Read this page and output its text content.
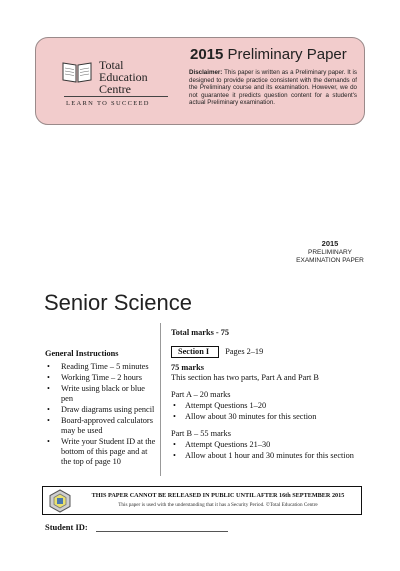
Total
Education
Centre
LEARN TO SUCCEED
2015 Preliminary Paper
Disclaimer: This paper is written as a Preliminary paper. It is designed to provide practice consistent with the demands of the Preliminary course and its examination. However, we do not guarantee it predicts question content for a student's actual Preliminary examination.
2015
PRELIMINARY
EXAMINATION PAPER
Senior Science
General Instructions
• Reading Time – 5 minutes
• Working Time – 2 hours
• Write using black or blue pen
• Draw diagrams using pencil
• Board-approved calculators may be used
• Write your Student ID at the bottom of this page and at the top of page 10
Total marks - 75
Section I Pages 2–19
75 marks
This section has two parts, Part A and Part B
Part A – 20 marks
• Attempt Questions 1–20
• Allow about 30 minutes for this section
Part B – 55 marks
• Attempt Questions 21–30
• Allow about 1 hour and 30 minutes for this section
THIS PAPER CANNOT BE RELEASED IN PUBLIC UNTIL AFTER 16th SEPTEMBER 2015
This paper is used with the understanding that it has a Security Period. ©Total Education Centre
Student ID:
